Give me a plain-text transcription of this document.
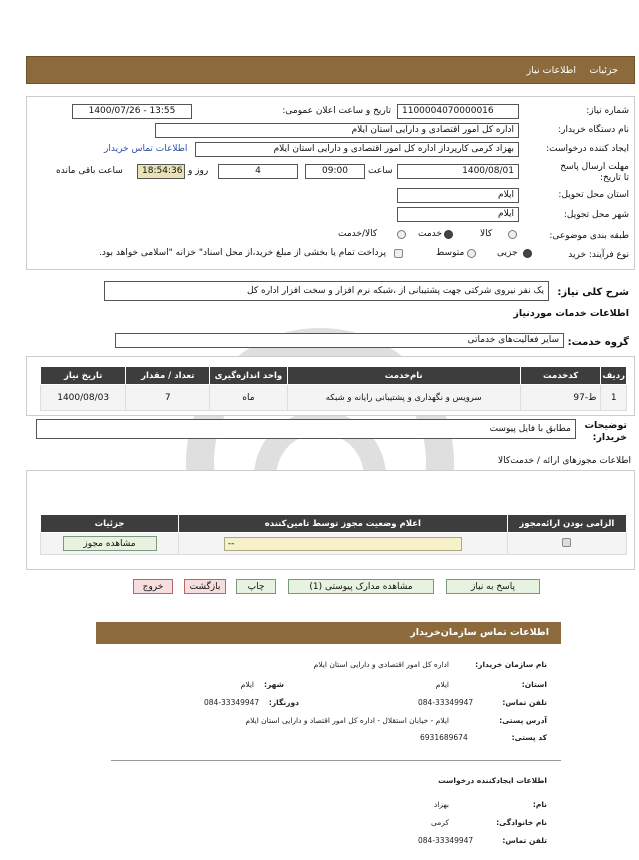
جزئیات
اطلاعات نیاز
شماره نیاز:
1100004070000016
تاریخ و ساعت اعلان عمومی:
1400/07/26 - 13:55
نام دستگاه خریدار:
اداره کل امور اقتصادی و دارایی استان ایلام
ایجاد کننده درخواست:
بهزاد کرمی کارپرداز اداره کل امور اقتصادی و دارایی استان ایلام
اطلاعات تماس خریدار
مهلت ارسال پاسخ تا تاریخ:
1400/08/01
ساعت
09:00
4
روز و
18:54:36
ساعت باقی مانده
استان محل تحویل:
ایلام
شهر محل تحویل:
ایلام
طبقه بندی موضوعی:
کالا
خدمت
کالا/خدمت
نوع فرآیند: خرید
جزیی
متوسط
پرداخت تمام یا بخشی از مبلغ خرید،از محل اسناد" خزانه "اسلامی خواهد بود.
شرح کلی نیاز:
یک نفر نیروی شرکتی جهت پشتیبانی از ،شبکه نرم افزار و سخت افزار اداره کل
اطلاعات خدمات موردنیاز
گروه خدمت:
سایر فعالیت‌های خدماتی
ردیف	کدخدمت	نام‌خدمت	واحد اندازه‌گیری	تعداد / مقدار	تاریخ نیاز
1	ط-97	سرویس و نگهداری و پشتیبانی رایانه و شبکه	ماه	7	1400/08/03
توضیحات خریدار:
مطابق با فایل پیوست
اطلاعات مجوزهای ارائه / خدمت‌کالا
الزامی بودن ارائه‌مجوز	اعلام وضعیت مجوز توسط تامین‌کننده	جزئیات

	--	مشاهده مجوز
پاسخ به نیاز
مشاهده مدارک پیوستی (1)
چاپ
بازگشت
خروج
اطلاعات تماس سازمان‌خریدار
نام سازمان خریدار:
اداره کل امور اقتصادی و دارایی استان ایلام
استان:
ایلام
شهر:
ایلام
تلفن تماس:
084-33349947
دورنگار:
084-33349947
آدرس پستی:
ایلام - خیابان استقلال - اداره کل امور اقتصاد و دارایی استان ایلام
کد پستی:
6931689674
اطلاعات ایجادکننده درخواست
نام:
بهزاد
نام خانوادگی:
کرمی
تلفن تماس:
084-33349947
